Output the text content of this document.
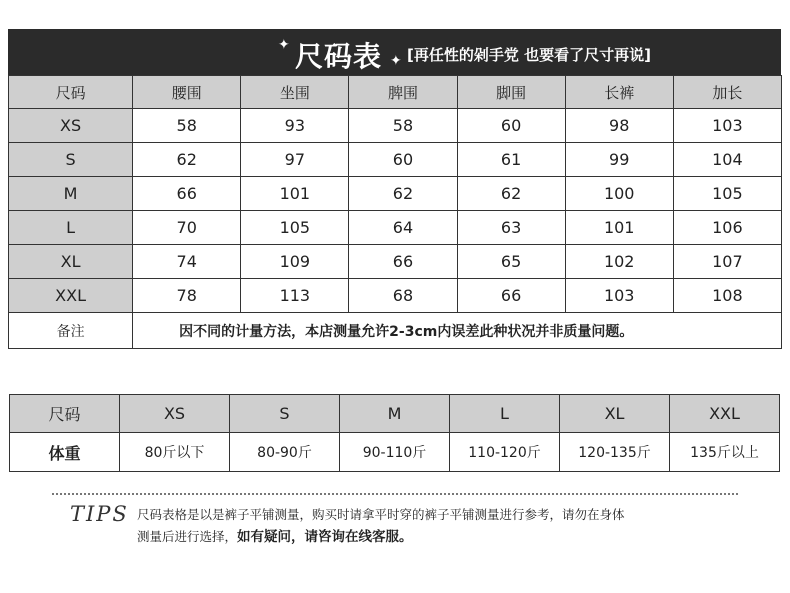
✦ 尺码表 ✦ [再任性的剁手党 也要看了尺寸再说]
尺码	腰围	坐围	脾围	脚围	长裤	加长
XS	58	93	58	60	98	103
S	62	97	60	61	99	104
M	66	101	62	62	100	105
L	70	105	64	63	101	106
XL	74	109	66	65	102	107
XXL	78	113	68	66	103	108
备注	因不同的计量方法，本店测量允许2-3cm内误差此种状况并非质量问题。					
尺码	XS	S	M	L	XL	XXL
体重	80斤以下	80-90斤	90-110斤	110-120斤	120-135斤	135斤以上
TIPS 尺码表格是以是裤子平铺测量，购买时请拿平时穿的裤子平铺测量进行参考，请勿在身体
测量后进行选择，如有疑问，请咨询在线客服。
